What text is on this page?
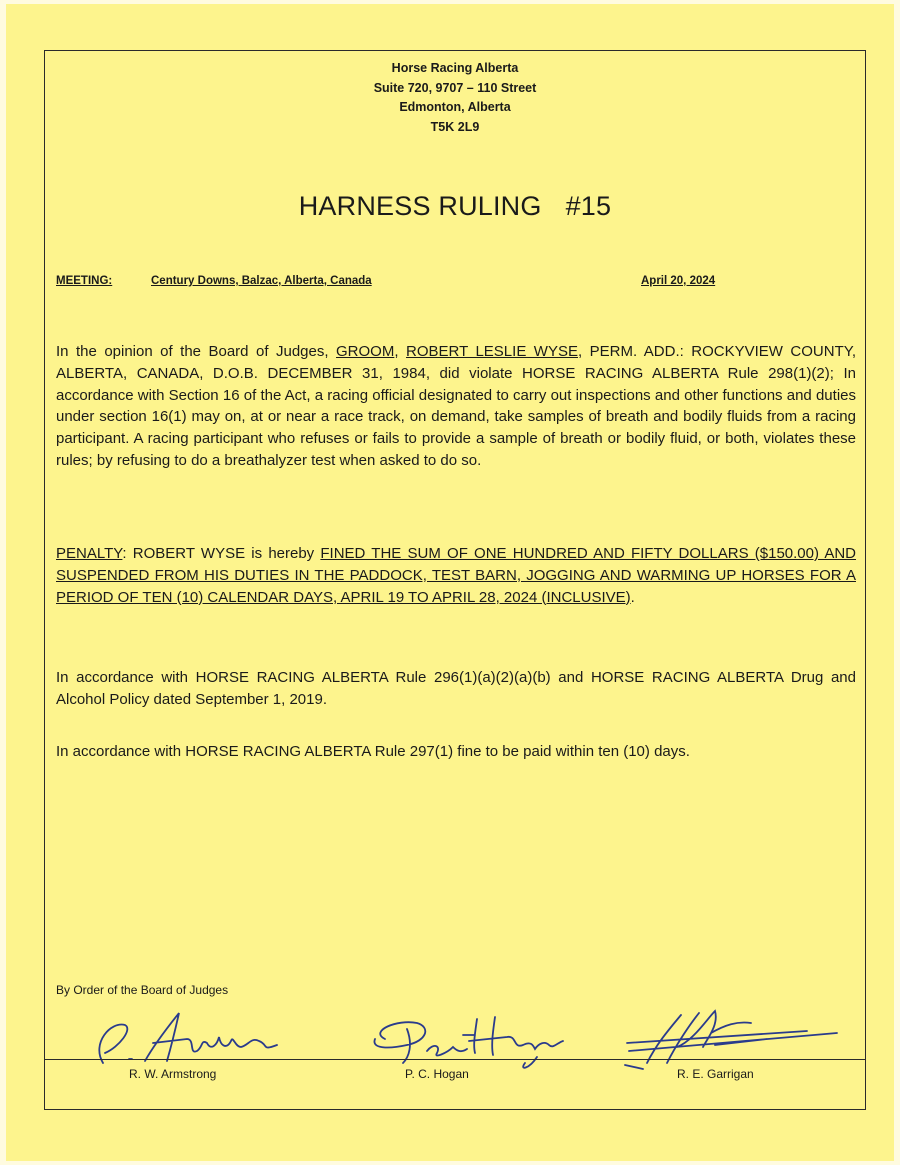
Horse Racing Alberta
Suite 720, 9707 – 110 Street
Edmonton, Alberta
T5K 2L9
HARNESS RULING #15
MEETING:	Century Downs, Balzac, Alberta, Canada	April 20, 2024
In the opinion of the Board of Judges, GROOM, ROBERT LESLIE WYSE, PERM. ADD.: ROCKYVIEW COUNTY, ALBERTA, CANADA, D.O.B. DECEMBER 31, 1984, did violate HORSE RACING ALBERTA Rule 298(1)(2); In accordance with Section 16 of the Act, a racing official designated to carry out inspections and other functions and duties under section 16(1) may on, at or near a race track, on demand, take samples of breath and bodily fluids from a racing participant. A racing participant who refuses or fails to provide a sample of breath or bodily fluid, or both, violates these rules; by refusing to do a breathalyzer test when asked to do so.
PENALTY: ROBERT WYSE is hereby FINED THE SUM OF ONE HUNDRED AND FIFTY DOLLARS ($150.00) AND SUSPENDED FROM HIS DUTIES IN THE PADDOCK, TEST BARN, JOGGING AND WARMING UP HORSES FOR A PERIOD OF TEN (10) CALENDAR DAYS, APRIL 19 TO APRIL 28, 2024 (INCLUSIVE).
In accordance with HORSE RACING ALBERTA Rule 296(1)(a)(2)(a)(b) and HORSE RACING ALBERTA Drug and Alcohol Policy dated September 1, 2019.
In accordance with HORSE RACING ALBERTA Rule 297(1) fine to be paid within ten (10) days.
By Order of the Board of Judges
R. W. Armstrong	P. C. Hogan	R. E. Garrigan
